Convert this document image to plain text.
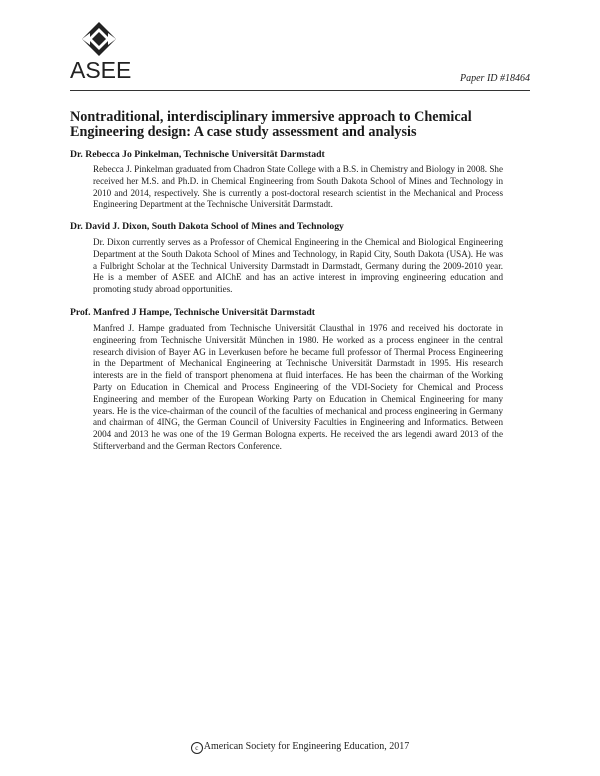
ASEE	Paper ID #18464
Nontraditional, interdisciplinary immersive approach to Chemical Engineering design: A case study assessment and analysis

Dr. Rebecca Jo Pinkelman, Technische Universität Darmstadt

Rebecca J. Pinkelman graduated from Chadron State College with a B.S. in Chemistry and Biology in 2008. She received her M.S. and Ph.D. in Chemical Engineering from South Dakota School of Mines and Technology in 2010 and 2014, respectively. She is currently a post-doctoral research scientist in the Mechanical and Process Engineering Department at the Technische Universität Darmstadt.

Dr. David J. Dixon, South Dakota School of Mines and Technology

Dr. Dixon currently serves as a Professor of Chemical Engineering in the Chemical and Biological Engineering Department at the South Dakota School of Mines and Technology, in Rapid City, South Dakota (USA). He was a Fulbright Scholar at the Technical University Darmstadt in Darmstadt, Germany during the 2009-2010 year. He is a member of ASEE and AIChE and has an active interest in improving engineering education and promoting study abroad opportunities.

Prof. Manfred J Hampe, Technische Universität Darmstadt

Manfred J. Hampe graduated from Technische Universität Clausthal in 1976 and received his doctorate in engineering from Technische Universität München in 1980. He worked as a process engineer in the central research division of Bayer AG in Leverkusen before he became full professor of Thermal Process Engineering in the Department of Mechanical Engineering at Technische Universität Darmstadt in 1995. His research interests are in the field of transport phenomena at fluid interfaces. He has been the chairman of the Working Party on Education in Chemical and Process Engineering of the VDI-Society for Chemical and Process Engineering and member of the European Working Party on Education in Chemical Engineering for many years. He is the vice-chairman of the council of the faculties of mechanical and process engineering in Germany and chairman of 4ING, the German Council of University Faculties in Engineering and Informatics. Between 2004 and 2013 he was one of the 19 German Bologna experts. He received the ars legendi award 2013 of the Stifterverband and the German Rectors Conference.

c American Society for Engineering Education, 2017
